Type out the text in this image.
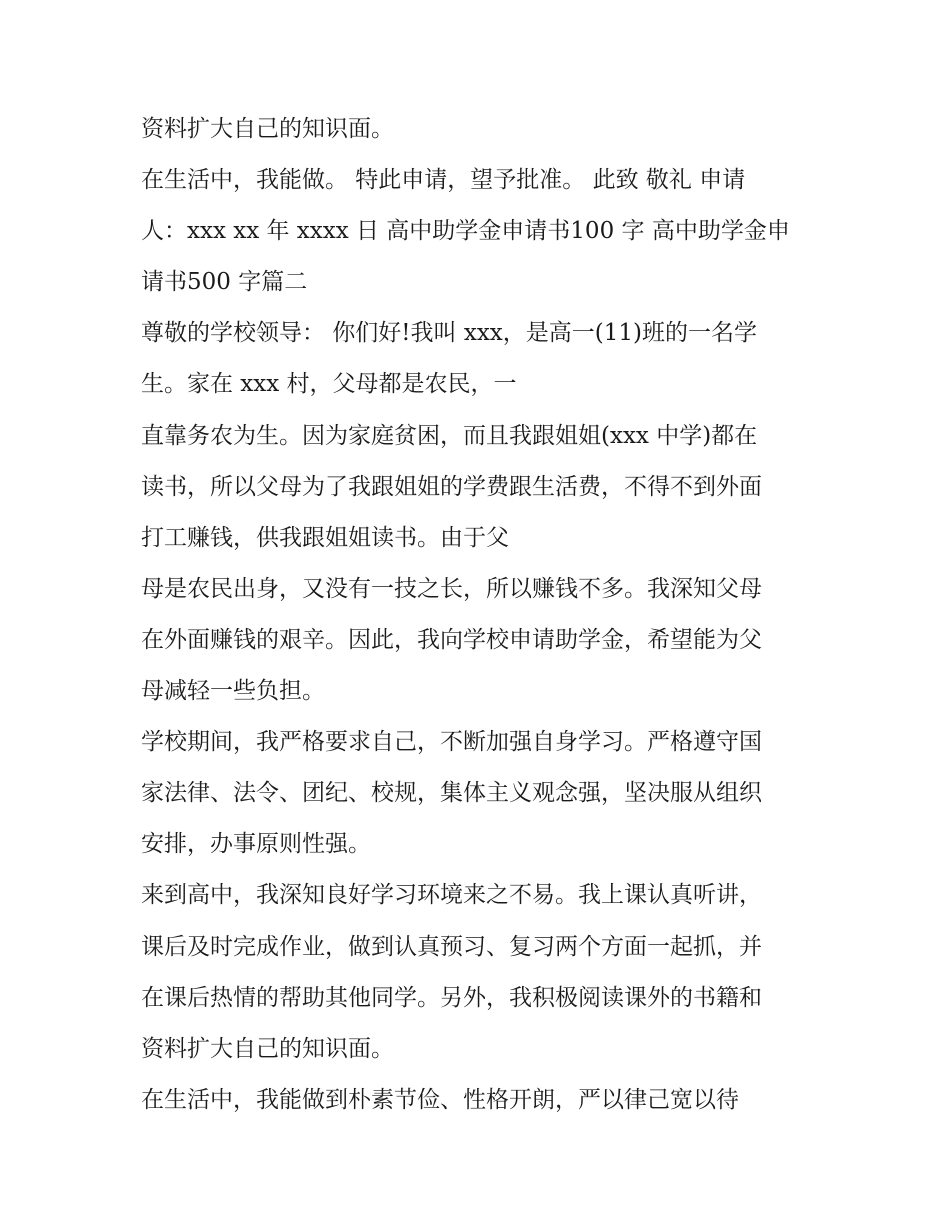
资料扩大自己的知识面。
在生活中，我能做。 特此申请，望予批准。 此致 敬礼 申请
人：xxx xx 年 xxxx 日 高中助学金申请书100 字 高中助学金申
请书500 字篇二
尊敬的学校领导： 你们好!我叫 xxx，是高一(11)班的一名学
生。家在 xxx 村，父母都是农民，一
直靠务农为生。因为家庭贫困，而且我跟姐姐(xxx 中学)都在
读书，所以父母为了我跟姐姐的学费跟生活费，不得不到外面
打工赚钱，供我跟姐姐读书。由于父
母是农民出身，又没有一技之长，所以赚钱不多。我深知父母
在外面赚钱的艰辛。因此，我向学校申请助学金，希望能为父
母减轻一些负担。
学校期间，我严格要求自己，不断加强自身学习。严格遵守国
家法律、法令、团纪、校规，集体主义观念强，坚决服从组织
安排，办事原则性强。
来到高中，我深知良好学习环境来之不易。我上课认真听讲，
课后及时完成作业，做到认真预习、复习两个方面一起抓，并
在课后热情的帮助其他同学。另外，我积极阅读课外的书籍和
资料扩大自己的知识面。
在生活中，我能做到朴素节俭、性格开朗，严以律己宽以待
